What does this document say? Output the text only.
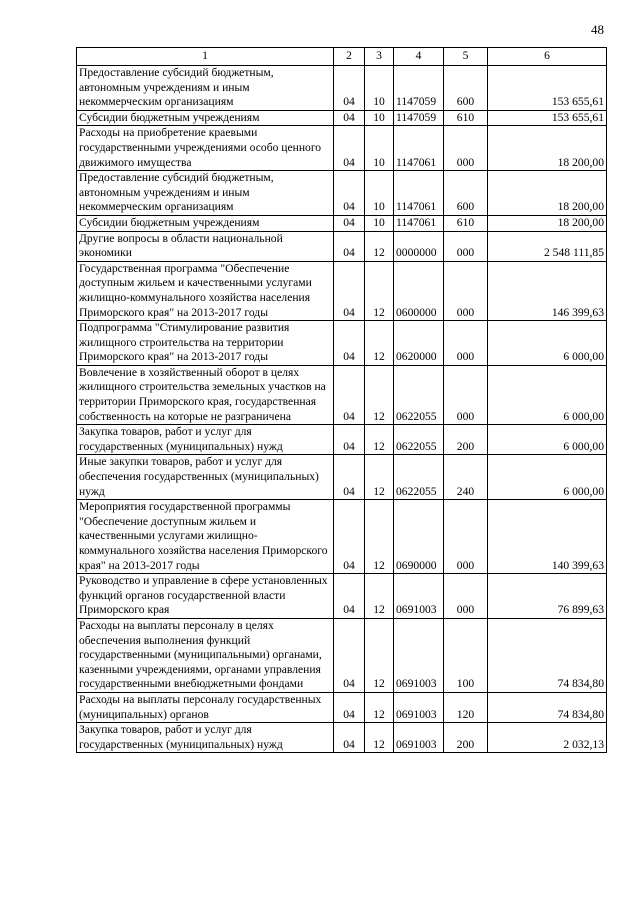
48
1	2	3	4	5	6
Предоставление субсидий бюджетным, автономным учреждениям и иным некоммерческим организациям	04	10	1147059	600	153 655,61
Субсидии бюджетным учреждениям	04	10	1147059	610	153 655,61
Расходы на приобретение краевыми государственными учреждениями особо ценного движимого имущества	04	10	1147061	000	18 200,00
Предоставление субсидий бюджетным, автономным учреждениям и иным некоммерческим организациям	04	10	1147061	600	18 200,00
Субсидии бюджетным учреждениям	04	10	1147061	610	18 200,00
Другие вопросы в области национальной экономики	04	12	0000000	000	2 548 111,85
Государственная программа "Обеспечение доступным жильем и качественными услугами жилищно-коммунального хозяйства населения Приморского края" на 2013-2017 годы	04	12	0600000	000	146 399,63
Подпрограмма "Стимулирование развития жилищного строительства на территории Приморского края" на 2013-2017 годы	04	12	0620000	000	6 000,00
Вовлечение в хозяйственный оборот в целях жилищного строительства земельных участков на территории Приморского края, государственная собственность на которые не разграничена	04	12	0622055	000	6 000,00
Закупка товаров, работ и услуг для государственных (муниципальных) нужд	04	12	0622055	200	6 000,00
Иные закупки товаров, работ и услуг для обеспечения государственных (муниципальных) нужд	04	12	0622055	240	6 000,00
Мероприятия государственной программы "Обеспечение доступным жильем и качественными услугами жилищно-коммунального хозяйства населения Приморского края" на 2013-2017 годы	04	12	0690000	000	140 399,63
Руководство и управление в сфере установленных функций органов государственной власти Приморского края	04	12	0691003	000	76 899,63
Расходы на выплаты персоналу в целях обеспечения выполнения функций государственными (муниципальными) органами, казенными учреждениями, органами управления государственными внебюджетными фондами	04	12	0691003	100	74 834,80
Расходы на выплаты персоналу государственных (муниципальных) органов	04	12	0691003	120	74 834,80
Закупка товаров, работ и услуг для государственных (муниципальных) нужд	04	12	0691003	200	2 032,13
